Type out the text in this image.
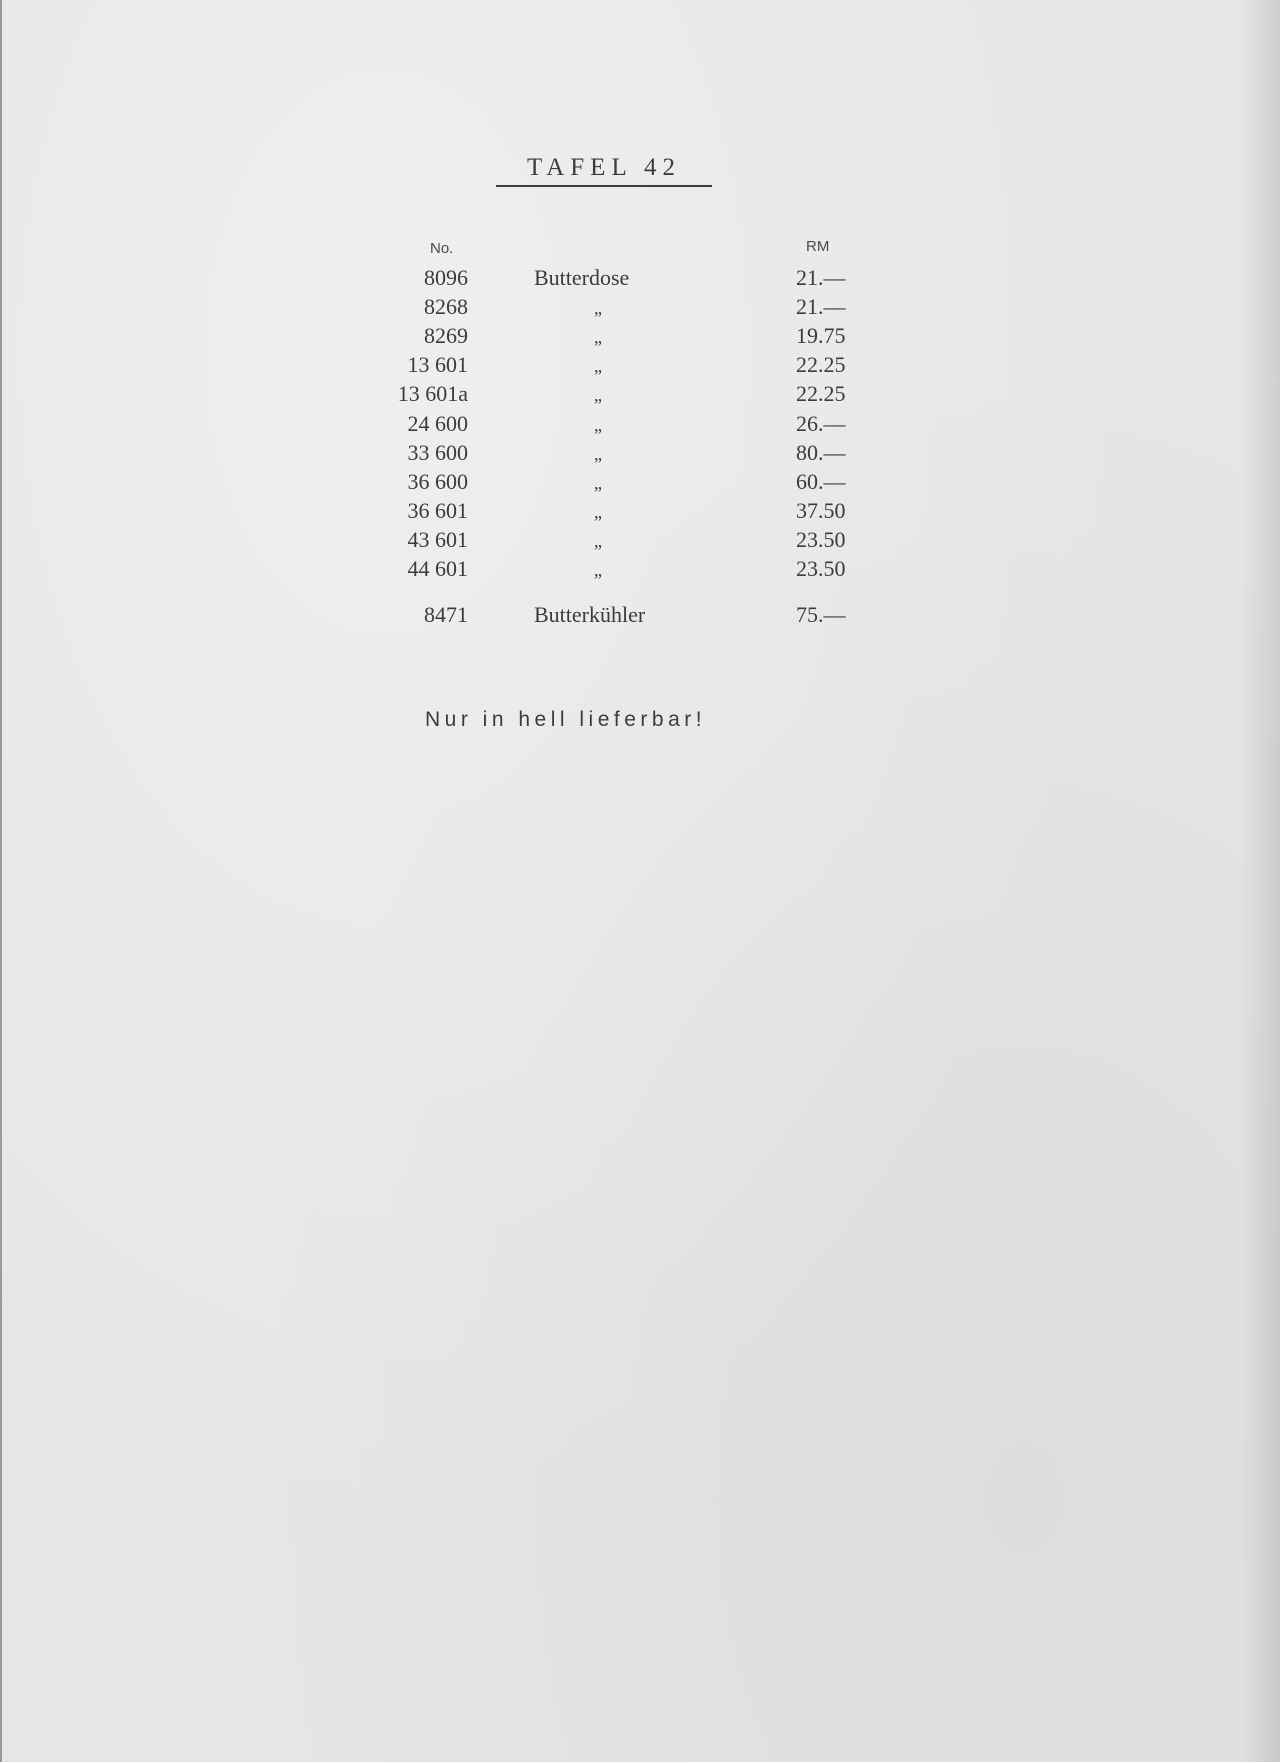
TAFEL 42
No.	RM
8096	Butterdose	21.—
8268	„	21.—
8269	„	19.75
13 601	„	22.25
13 601a	„	22.25
24 600	„	26.—
33 600	„	80.—
36 600	„	60.—
36 601	„	37.50
43 601	„	23.50
44 601	„	23.50
8471	Butterkühler	75.—
Nur in hell lieferbar!
